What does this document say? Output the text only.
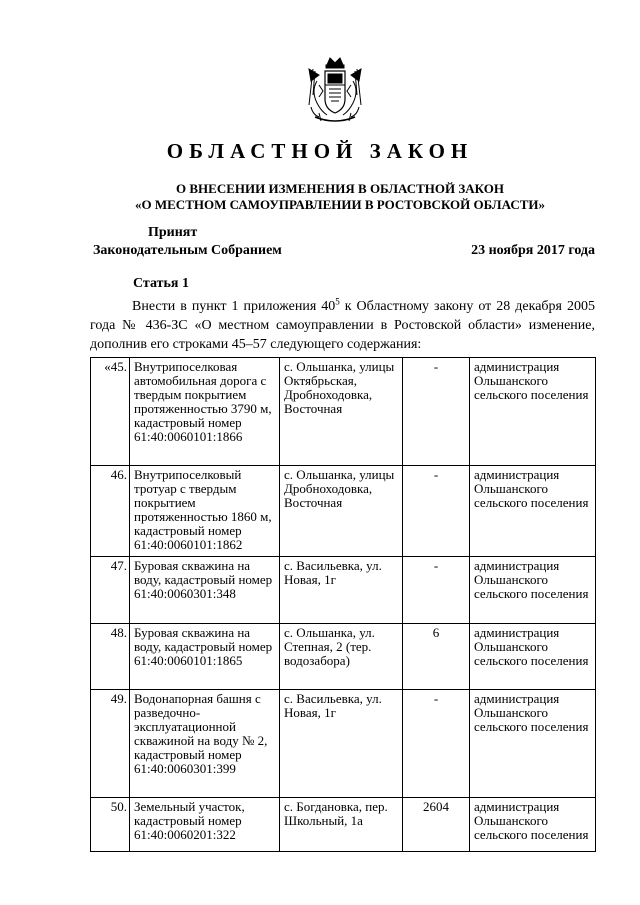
ОБЛАСТНОЙ ЗАКОН
О ВНЕСЕНИИ ИЗМЕНЕНИЯ В ОБЛАСТНОЙ ЗАКОН
«О МЕСТНОМ САМОУПРАВЛЕНИИ В РОСТОВСКОЙ ОБЛАСТИ»
Принят
Законодательным Собранием	23 ноября 2017 года
Статья 1
Внести в пункт 1 приложения $40^5$ к Областному закону от 28 декабря 2005 года № 436-ЗС «О местном самоуправлении в Ростовской области» изменение, дополнив его строками 45–57 следующего содержания:
«45.	Внутрипоселковая автомобильная дорога с твердым покрытием протяженностью 3790 м, кадастровый номер 61:40:0060101:1866	с. Ольшанка, улицы Октябрьская, Дробноходовка, Восточная	-	администрация Ольшанского сельского поселения
46.	Внутрипоселковый тротуар с твердым покрытием протяженностью 1860 м, кадастровый номер 61:40:0060101:1862	с. Ольшанка, улицы Дробноходовка, Восточная	-	администрация Ольшанского сельского поселения
47.	Буровая скважина на воду, кадастровый номер 61:40:0060301:348	с. Васильевка, ул. Новая, 1г	-	администрация Ольшанского сельского поселения
48.	Буровая скважина на воду, кадастровый номер 61:40:0060101:1865	с. Ольшанка, ул. Степная, 2 (тер. водозабора)	6	администрация Ольшанского сельского поселения
49.	Водонапорная башня с разведочно-эксплуатационной скважиной на воду № 2, кадастровый номер 61:40:0060301:399	с. Васильевка, ул. Новая, 1г	-	администрация Ольшанского сельского поселения
50.	Земельный участок, кадастровый номер 61:40:0060201:322	с. Богдановка, пер. Школьный, 1а	2604	администрация Ольшанского сельского поселения
